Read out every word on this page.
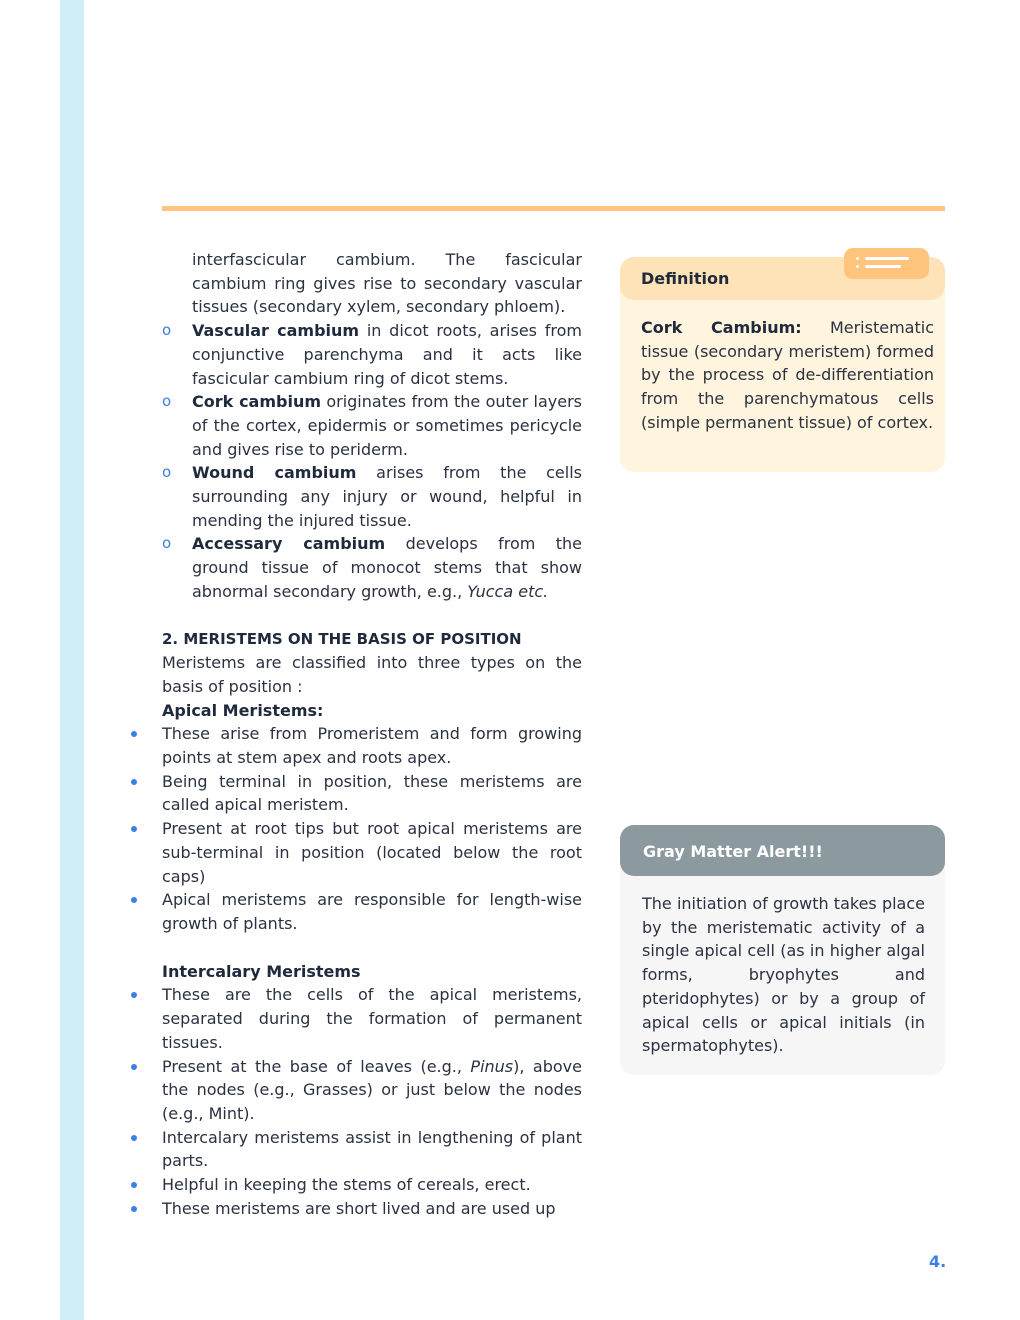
interfascicular cambium. The fascicular cambium ring gives rise to secondary vascular tissues (secondary xylem, secondary phloem).

o Vascular cambium in dicot roots, arises from conjunctive parenchyma and it acts like fascicular cambium ring of dicot stems.
o Cork cambium originates from the outer layers of the cortex, epidermis or sometimes pericycle and gives rise to periderm.
o Wound cambium arises from the cells surrounding any injury or wound, helpful in mending the injured tissue.
o Accessary cambium develops from the ground tissue of monocot stems that show abnormal secondary growth, e.g., Yucca etc.
2. MERISTEMS ON THE BASIS OF POSITION

Meristems are classified into three types on the basis of position :

Apical Meristems:
These arise from Promeristem and form growing points at stem apex and roots apex.
Being terminal in position, these meristems are called apical meristem.
Present at root tips but root apical meristems are sub-terminal in position (located below the root caps)
Apical meristems are responsible for length-wise growth of plants.
Intercalary Meristems
These are the cells of the apical meristems, separated during the formation of permanent tissues.
Present at the base of leaves (e.g., Pinus), above the nodes (e.g., Grasses) or just below the nodes (e.g., Mint).
Intercalary meristems assist in lengthening of plant parts.
Helpful in keeping the stems of cereals, erect.
These meristems are short lived and are used up
Definition
Cork Cambium: Meristematic tissue (secondary meristem) formed by the process of de-differentiation from the parenchymatous cells (simple permanent tissue) of cortex.
Gray Matter Alert!!!
The initiation of growth takes place by the meristematic activity of a single apical cell (as in higher algal forms, bryophytes and pteridophytes) or by a group of apical cells or apical initials (in spermatophytes).
4.
